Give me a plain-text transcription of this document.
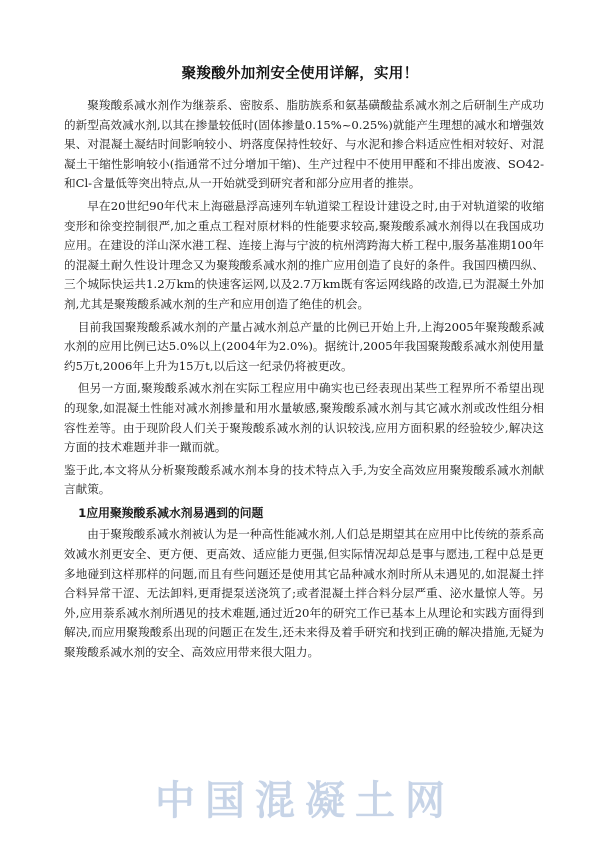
聚羧酸外加剂安全使用详解，实用！

聚羧酸系减水剂作为继萘系、密胺系、脂肪族系和氨基磺酸盐系减水剂之后研制生产成功的新型高效减水剂,以其在掺量较低时(固体掺量0.15%~0.25%)就能产生理想的减水和增强效果、对混凝土凝结时间影响较小、坍落度保持性较好、与水泥和掺合料适应性相对较好、对混凝土干缩性影响较小(指通常不过分增加干缩)、生产过程中不使用甲醛和不排出废液、SO42-和Cl-含量低等突出特点,从一开始就受到研究者和部分应用者的推崇。

早在20世纪90年代末上海磁悬浮高速列车轨道梁工程设计建设之时,由于对轨道梁的收缩变形和徐变控制很严,加之重点工程对原材料的性能要求较高,聚羧酸系减水剂得以在我国成功应用。在建设的洋山深水港工程、连接上海与宁波的杭州湾跨海大桥工程中,服务基准期100年的混凝土耐久性设计理念又为聚羧酸系减水剂的推广应用创造了良好的条件。我国四横四纵、三个城际快运共1.2万km的快速客运网,以及2.7万km既有客运网线路的改造,已为混凝土外加剂,尤其是聚羧酸系减水剂的生产和应用创造了绝佳的机会。

目前我国聚羧酸系减水剂的产量占减水剂总产量的比例已开始上升,上海2005年聚羧酸系减水剂的应用比例已达5.0%以上(2004年为2.0%)。据统计,2005年我国聚羧酸系减水剂使用量约5万t,2006年上升为15万t,以后这一纪录仍将被更改。

但另一方面,聚羧酸系减水剂在实际工程应用中确实也已经表现出某些工程界所不希望出现的现象,如混凝土性能对减水剂掺量和用水量敏感,聚羧酸系减水剂与其它减水剂或改性组分相容性差等。由于现阶段人们关于聚羧酸系减水剂的认识较浅,应用方面积累的经验较少,解决这方面的技术难题并非一蹴而就。

鉴于此,本文将从分析聚羧酸系减水剂本身的技术特点入手,为安全高效应用聚羧酸系减水剂献言献策。

1应用聚羧酸系减水剂易遇到的问题

由于聚羧酸系减水剂被认为是一种高性能减水剂,人们总是期望其在应用中比传统的萘系高效减水剂更安全、更方便、更高效、适应能力更强,但实际情况却总是事与愿违,工程中总是更多地碰到这样那样的问题,而且有些问题还是使用其它品种减水剂时所从未遇见的,如混凝土拌合料异常干涩、无法卸料,更甭提泵送浇筑了;或者混凝土拌合料分层严重、泌水量惊人等。另外,应用萘系减水剂所遇见的技术难题,通过近20年的研究工作已基本上从理论和实践方面得到解决,而应用聚羧酸系出现的问题正在发生,还未来得及着手研究和找到正确的解决措施,无疑为聚羧酸系减水剂的安全、高效应用带来很大阻力。

中国混凝土网
